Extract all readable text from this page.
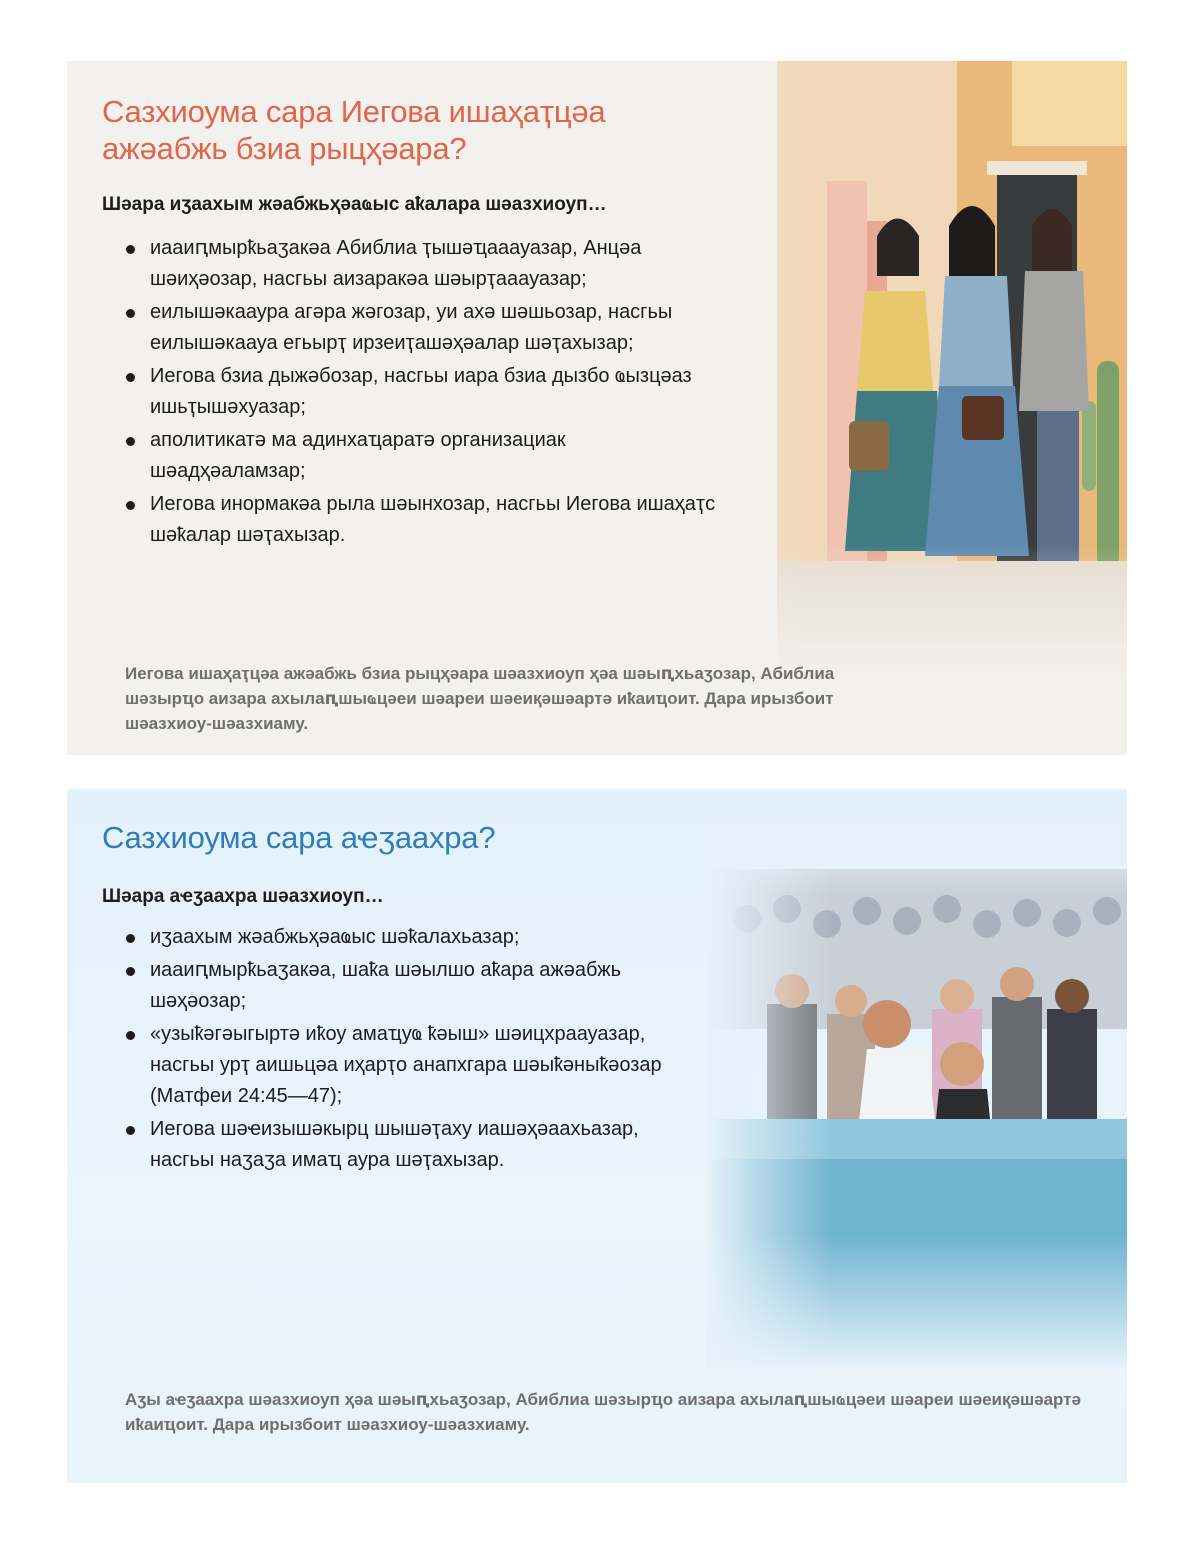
Сазхиоума сара Иегова ишаҳаҭцәа ажәабжь бзиа рыцҳәара?

Шәара иӡаахым жәабжьҳәаҩыс аҟалара шәазхиоуп…

иааиԥмырҟьаӡакәа Абиблиа ҭышәҵааауазар, Анцәа шәиҳәозар, насгьы аизаракәа шәырҭааауазар;
еилышәкааура агәра жәгозар, уи ахә шәшьозар, насгьы еилышәкаауа егьырҭ ирзеиҭашәҳәалар шәҭахызар;
Иегова бзиа дыжәбозар, насгьы иара бзиа дызбо ҩызцәаз ишьҭышәхуазар;
аполитикатә ма адинхаҵаратә организациак шәадҳәаламзар;
Иегова инормакәа рыла шәынхозар, насгьы Иегова ишаҳаҭс шәҟалар шәҭахызар.

Иегова ишаҳаҭцәа ажәабжь бзиа рыцҳәара шәазхиоуп ҳәа шәыԥхьаӡозар, Абиблиа шәзырҵо аизара ахылаԥшыҩцәеи шәареи шәеиқәшәартә иҟаиҵоит. Дара ирызбоит шәазхиоу-шәазхиаму.

Сазхиоума сара аҽӡаахра?

Шәара аҽӡаахра шәазхиоуп…

иӡаахым жәабжьҳәаҩыс шәҟалахьазар;
иааиԥмырҟьаӡакәа, шаҟа шәылшо аҟара ажәабжь шәҳәозар;
«узыҟәгәыгыртә иҟоу амаҵуҩ ҟәыш» шәицхраауазар, насгьы урҭ аишьцәа иҳарҭо анапхгара шәыҟәныҟәозар (Матфеи 24:45—47);
Иегова шәҽизышәкырц шышәҭаху иашәҳәаахьазар, насгьы наӡаӡа имаҵ аура шәҭахызар.

Аӡы аҽӡаахра шәазхиоуп ҳәа шәыԥхьаӡозар, Абиблиа шәзырҵо аизара ахылаԥшыҩцәеи шәареи шәеиқәшәартә иҟаиҵоит. Дара ирызбоит шәазхиоу-шәазхиаму.
